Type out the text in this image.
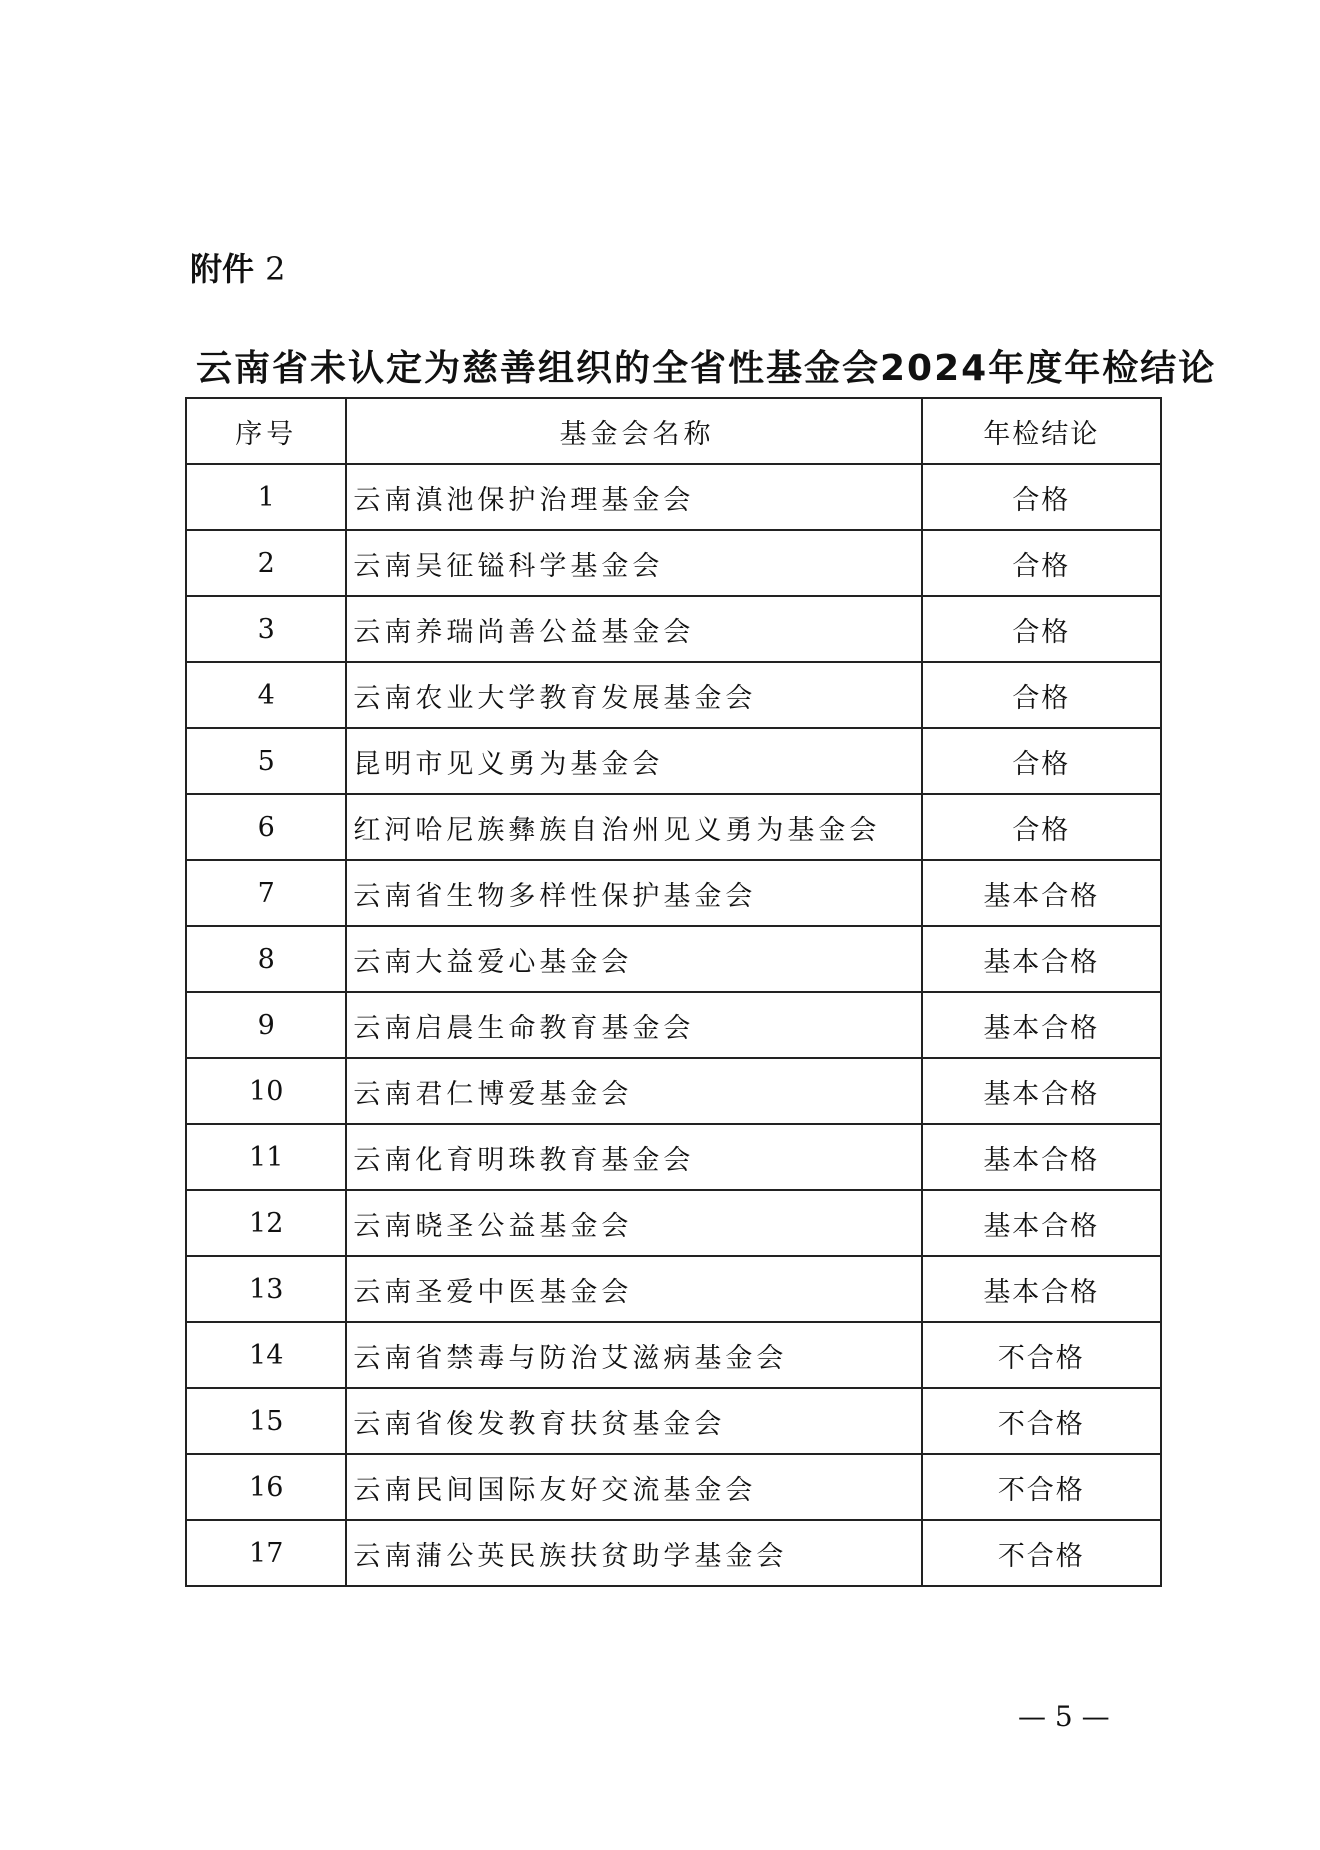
附件 2
云南省未认定为慈善组织的全省性基金会2024年度年检结论
序号	基金会名称	年检结论
1	云南滇池保护治理基金会	合格
2	云南吴征镒科学基金会	合格
3	云南养瑞尚善公益基金会	合格
4	云南农业大学教育发展基金会	合格
5	昆明市见义勇为基金会	合格
6	红河哈尼族彝族自治州见义勇为基金会	合格
7	云南省生物多样性保护基金会	基本合格
8	云南大益爱心基金会	基本合格
9	云南启晨生命教育基金会	基本合格
10	云南君仁博爱基金会	基本合格
11	云南化育明珠教育基金会	基本合格
12	云南晓圣公益基金会	基本合格
13	云南圣爱中医基金会	基本合格
14	云南省禁毒与防治艾滋病基金会	不合格
15	云南省俊发教育扶贫基金会	不合格
16	云南民间国际友好交流基金会	不合格
17	云南蒲公英民族扶贫助学基金会	不合格
— 5 —
